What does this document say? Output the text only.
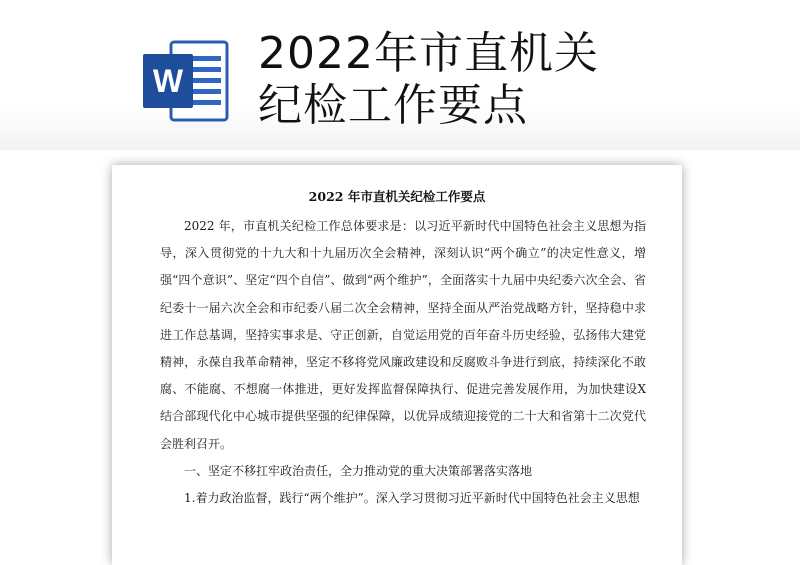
W
2022年市直机关
纪检工作要点
2022 年市直机关纪检工作要点

2022 年，市直机关纪检工作总体要求是：以习近平新时代中国特色社会主义思想为指导，深入贯彻党的十九大和十九届历次全会精神，深刻认识“两个确立”的决定性意义，增强“四个意识”、坚定“四个自信”、做到“两个维护”，全面落实十九届中央纪委六次全会、省纪委十一届六次全会和市纪委八届二次全会精神，坚持全面从严治党战略方针，坚持稳中求进工作总基调，坚持实事求是、守正创新，自觉运用党的百年奋斗历史经验，弘扬伟大建党精神，永葆自我革命精神，坚定不移将党风廉政建设和反腐败斗争进行到底，持续深化不敢腐、不能腐、不想腐一体推进，更好发挥监督保障执行、促进完善发展作用，为加快建设X结合部现代化中心城市提供坚强的纪律保障，以优异成绩迎接党的二十大和省第十二次党代会胜利召开。

一、坚定不移扛牢政治责任，全力推动党的重大决策部署落实落地

1.着力政治监督，践行“两个维护”。深入学习贯彻习近平新时代中国特色社会主义思想
